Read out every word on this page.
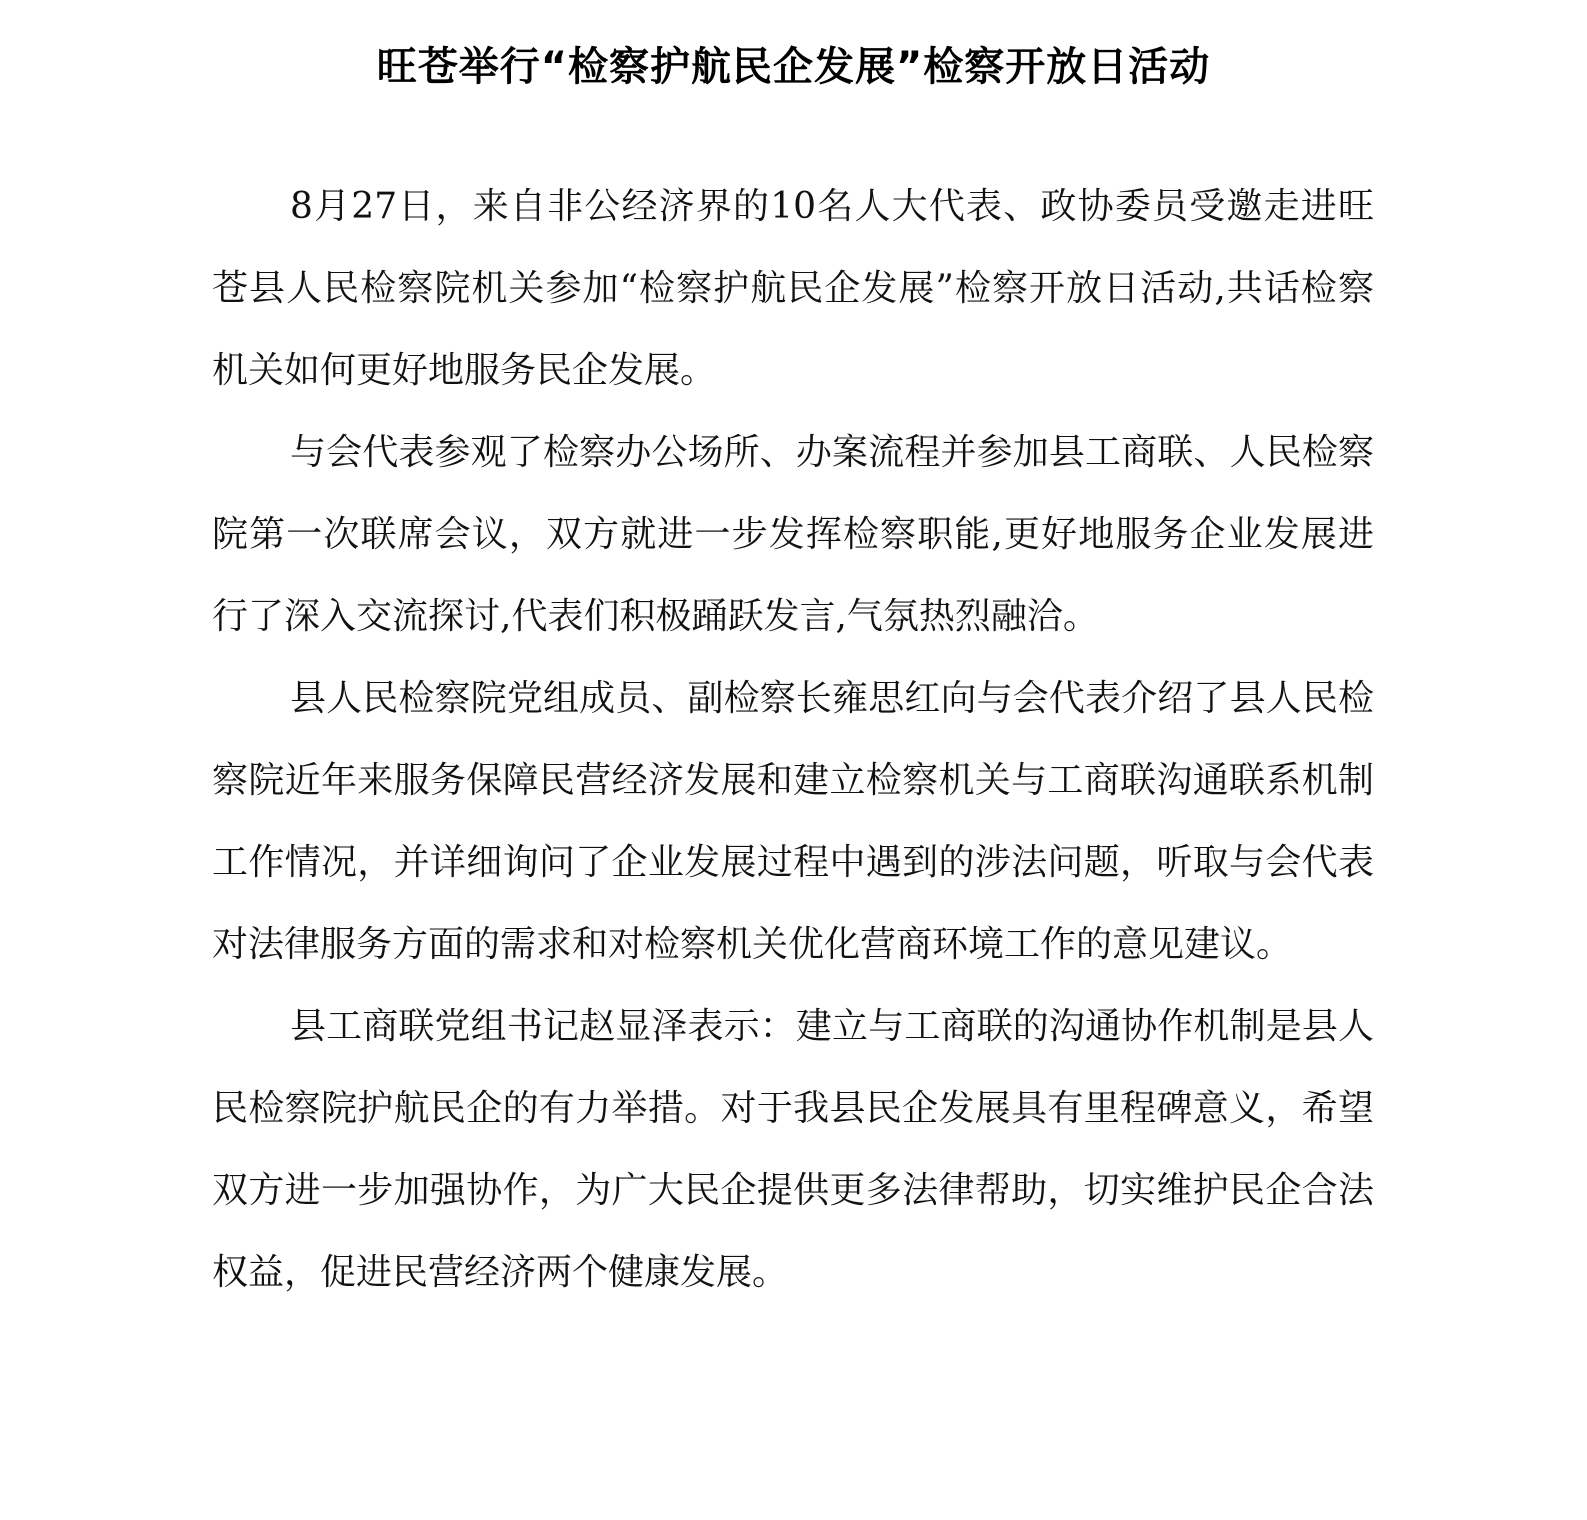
旺苍举行“检察护航民企发展”检察开放日活动

8月27日，来自非公经济界的10名人大代表、政协委员受邀走进旺苍县人民检察院机关参加“检察护航民企发展”检察开放日活动,共话检察机关如何更好地服务民企发展。

与会代表参观了检察办公场所、办案流程并参加县工商联、人民检察院第一次联席会议，双方就进一步发挥检察职能,更好地服务企业发展进行了深入交流探讨,代表们积极踊跃发言,气氛热烈融洽。

县人民检察院党组成员、副检察长雍思红向与会代表介绍了县人民检察院近年来服务保障民营经济发展和建立检察机关与工商联沟通联系机制工作情况，并详细询问了企业发展过程中遇到的涉法问题，听取与会代表对法律服务方面的需求和对检察机关优化营商环境工作的意见建议。

县工商联党组书记赵显泽表示：建立与工商联的沟通协作机制是县人民检察院护航民企的有力举措。对于我县民企发展具有里程碑意义，希望双方进一步加强协作，为广大民企提供更多法律帮助，切实维护民企合法权益，促进民营经济两个健康发展。
